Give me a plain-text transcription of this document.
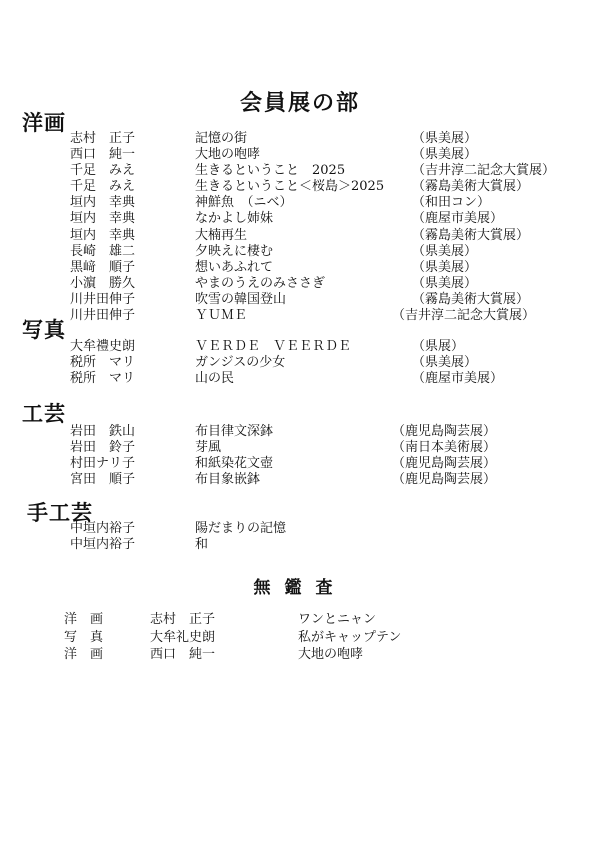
会員展の部
洋画
志村　正子	記憶の街	（県美展）
西口　純一	大地の咆哮	（県美展）
千足　みえ	生きるということ　2025	（吉井淳二記念大賞展）
千足　みえ	生きるということ＜桜島＞2025 （霧島美術大賞展）
垣内　幸典	神鮮魚　（ニベ）	（和田コン）
垣内　幸典	なかよし姉妹	（鹿屋市美展）
垣内　幸典	大楠再生	（霧島美術大賞展）
長崎　雄二	夕映えに棲む	（県美展）
黒﨑　順子	想いあふれて	（県美展）
小濵　勝久	やまのうえのみささぎ	（県美展）
川井田伸子	吹雪の韓国登山	（霧島美術大賞展）
川井田伸子	ＹＵＭＥ	（吉井淳二記念大賞展）
写真
大牟禮史朗	ＶＥＲＤＥ　ＶＥＥＲＤＥ	（県展）
税所　マリ	ガンジスの少女	（県美展）
税所　マリ	山の民	（鹿屋市美展）
工芸
岩田　鉄山	布目律文深鉢	（鹿児島陶芸展）
岩田　鈴子	芽風	（南日本美術展）
村田ナリ子	和紙染花文壺	（鹿児島陶芸展）
宮田　順子	布目象嵌鉢	（鹿児島陶芸展）
手工芸
中垣内裕子	陽だまりの記憶
中垣内裕子	和
無鑑査
洋　画	志村　正子	ワンとニャン
写　真	大牟礼史朗	私がキャップテン
洋　画	西口　純一	大地の咆哮
